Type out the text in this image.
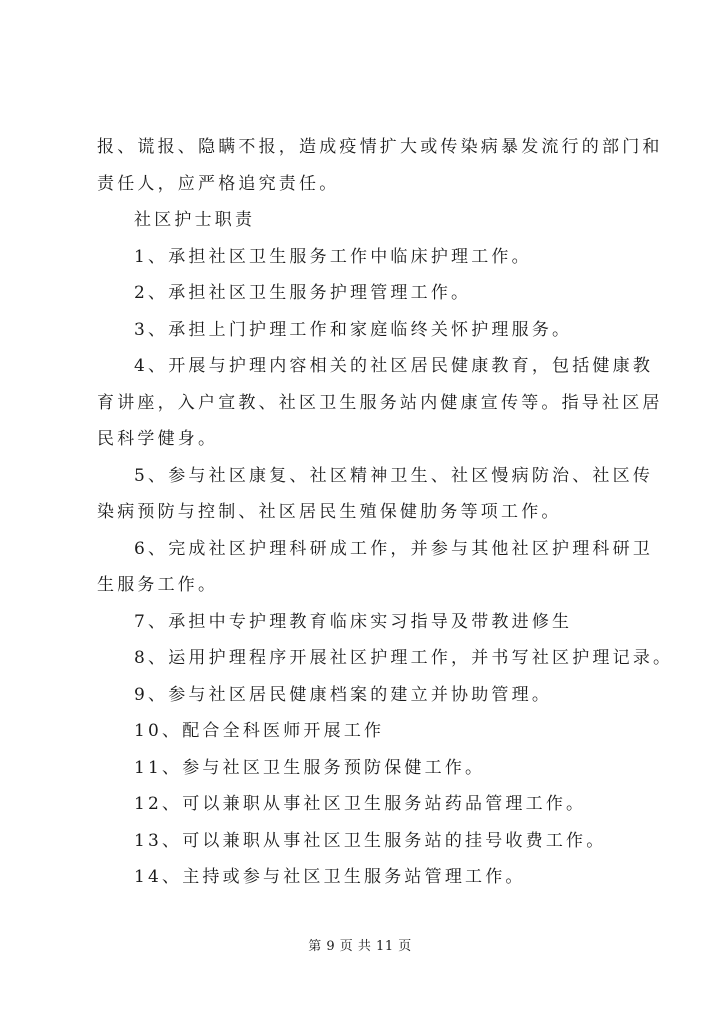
报、谎报、隐瞒不报，造成疫情扩大或传染病暴发流行的部门和
责任人，应严格追究责任。
社区护士职责
1、承担社区卫生服务工作中临床护理工作。
2、承担社区卫生服务护理管理工作。
3、承担上门护理工作和家庭临终关怀护理服务。
4、开展与护理内容相关的社区居民健康教育，包括健康教
育讲座，入户宣教、社区卫生服务站内健康宣传等。指导社区居
民科学健身。
5、参与社区康复、社区精神卫生、社区慢病防治、社区传
染病预防与控制、社区居民生殖保健肋务等项工作。
6、完成社区护理科研成工作，并参与其他社区护理科研卫
生服务工作。
7、承担中专护理教育临床实习指导及带教进修生
8、运用护理程序开展社区护理工作，并书写社区护理记录。
9、参与社区居民健康档案的建立并协助管理。
10、配合全科医师开展工作
11、参与社区卫生服务预防保健工作。
12、可以兼职从事社区卫生服务站药品管理工作。
13、可以兼职从事社区卫生服务站的挂号收费工作。
14、主持或参与社区卫生服务站管理工作。
第 9 页 共 11 页
